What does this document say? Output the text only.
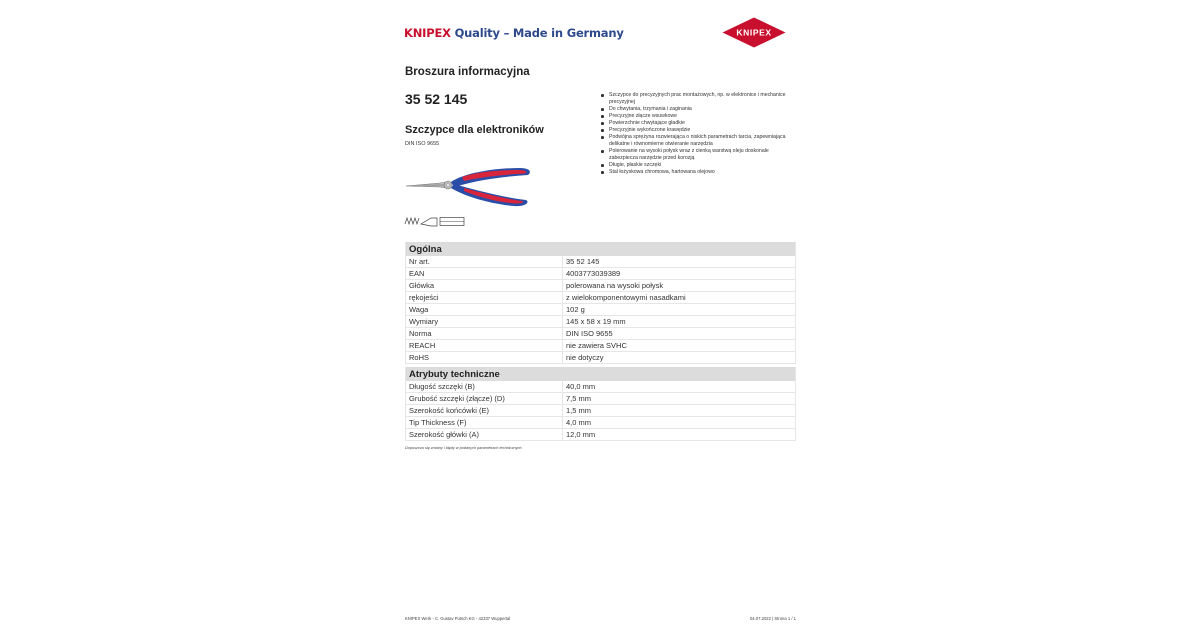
KNIPEX Quality – Made in Germany	KNIPEX
Broszura informacyjna
35 52 145
Szczypce dla elektroników
DIN ISO 9655
Szczypce do precyzyjnych prac montażowych, np. w elektronice i mechanice precyzyjnej
Do chwytania, trzymania i zaginania
Precyzyjne złącze wsuwkowe
Powierzchnie chwytające gładkie
Precyzyjnie wykończone krawędzie
Podwójna sprężyna rozwierająca o niskich parametrach tarcia, zapewniająca delikatne i równomierne otwieranie narzędzia
Polerowanie na wysoki połysk wraz z cienką warstwą oleju doskonale zabezpiecza narzędzie przed korozją
Długie, płaskie szczęki
Stal łożyskowa chromowa, hartowana olejowo
Ogólna	
Nr art.	35 52 145
EAN	4003773039389
Główka	polerowana na wysoki połysk
rękojeści	z wielokomponentowymi nasadkami
Waga	102 g
Wymiary	145 x 58 x 19 mm
Norma	DIN ISO 9655
REACH	nie zawiera SVHC
RoHS	nie dotyczy
Atrybuty techniczne	
Długość szczęki (B)	40,0 mm
Grubość szczęki (złącze) (D)	7,5 mm
Szerokość końcówki (E)	1,5 mm
Tip Thickness (F)	4,0 mm
Szerokość główki (A)	12,0 mm
Dopuszcza się zmiany i błędy w podanych parametrach technicznych.
KNIPEX Werk - C. Gustav Putsch KG - 42337 Wuppertal	04.07.2022 | Strona 1 / 1
